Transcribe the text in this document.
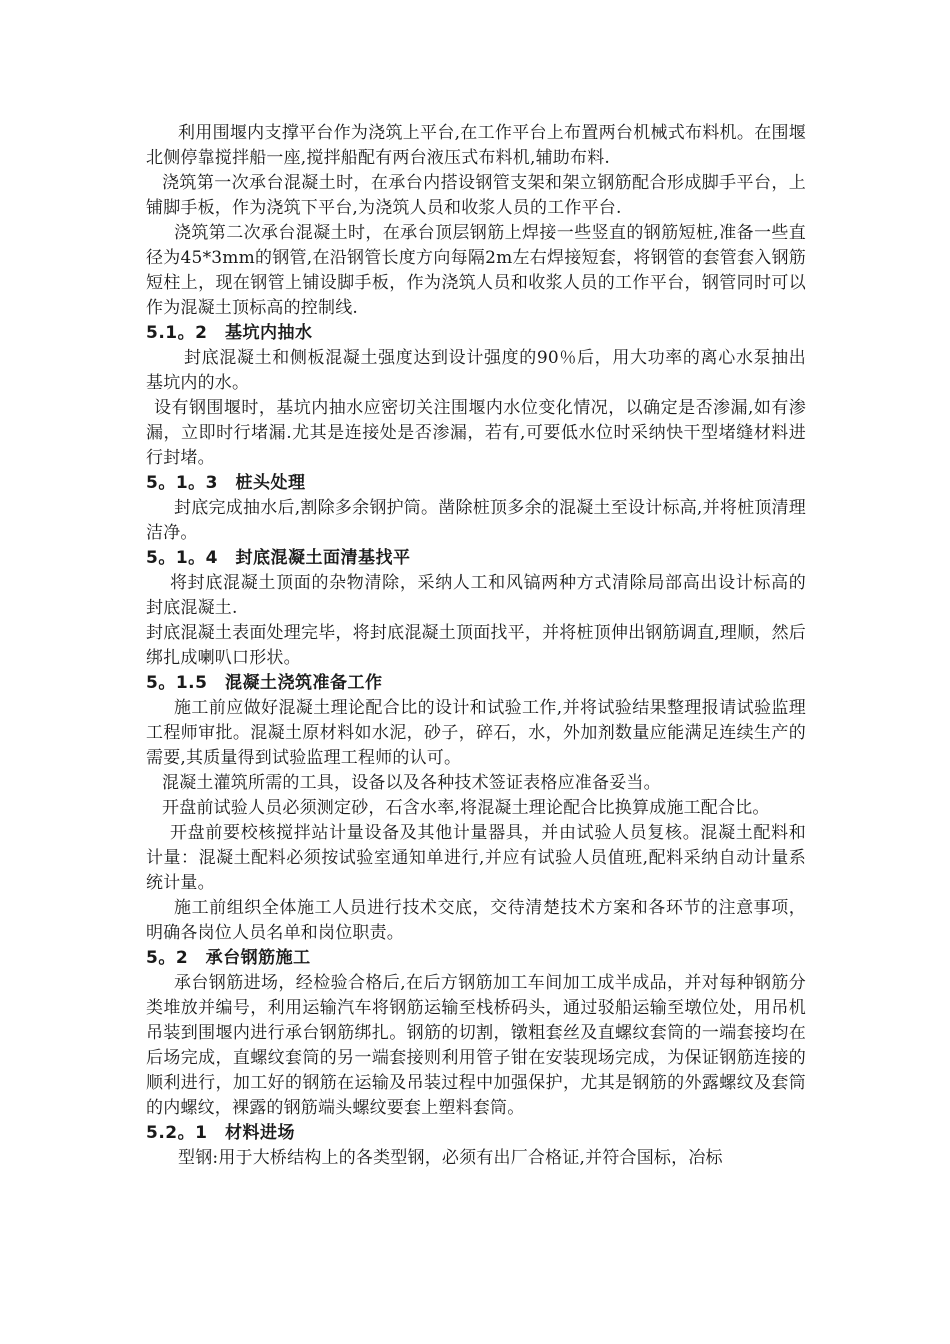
利用围堰内支撑平台作为浇筑上平台,在工作平台上布置两台机械式布料机。在围堰北侧停靠搅拌船一座,搅拌船配有两台液压式布料机,辅助布料.

浇筑第一次承台混凝土时，在承台内搭设钢管支架和架立钢筋配合形成脚手平台，上铺脚手板，作为浇筑下平台,为浇筑人员和收浆人员的工作平台.

浇筑第二次承台混凝土时，在承台顶层钢筋上焊接一些竖直的钢筋短桩,准备一些直径为45*3mm的钢管,在沿钢管长度方向每隔2m左右焊接短套，将钢管的套管套入钢筋短柱上，现在钢管上铺设脚手板，作为浇筑人员和收浆人员的工作平台，钢管同时可以作为混凝土顶标高的控制线.

5.1。2　基坑内抽水

封底混凝土和侧板混凝土强度达到设计强度的90％后，用大功率的离心水泵抽出基坑内的水。

设有钢围堰时，基坑内抽水应密切关注围堰内水位变化情况，以确定是否渗漏,如有渗漏，立即时行堵漏.尤其是连接处是否渗漏，若有,可要低水位时采纳快干型堵缝材料进行封堵。

5。1。3　桩头处理

封底完成抽水后,割除多余钢护筒。凿除桩顶多余的混凝土至设计标高,并将桩顶清理洁净。

5。1。4　封底混凝土面清基找平

将封底混凝土顶面的杂物清除，采纳人工和风镐两种方式清除局部高出设计标高的封底混凝土.

封底混凝土表面处理完毕，将封底混凝土顶面找平，并将桩顶伸出钢筋调直,理顺，然后绑扎成喇叭口形状。

5。1.5　混凝土浇筑准备工作

施工前应做好混凝土理论配合比的设计和试验工作,并将试验结果整理报请试验监理工程师审批。混凝土原材料如水泥，砂子，碎石，水，外加剂数量应能满足连续生产的需要,其质量得到试验监理工程师的认可。

混凝土灌筑所需的工具，设备以及各种技术签证表格应准备妥当。

开盘前试验人员必须测定砂，石含水率,将混凝土理论配合比换算成施工配合比。

开盘前要校核搅拌站计量设备及其他计量器具，并由试验人员复核。混凝土配料和计量：混凝土配料必须按试验室通知单进行,并应有试验人员值班,配料采纳自动计量系统计量。

施工前组织全体施工人员进行技术交底，交待清楚技术方案和各环节的注意事项，明确各岗位人员名单和岗位职责。

5。2　承台钢筋施工

承台钢筋进场，经检验合格后,在后方钢筋加工车间加工成半成品，并对每种钢筋分类堆放并编号，利用运输汽车将钢筋运输至栈桥码头，通过驳船运输至墩位处，用吊机吊装到围堰内进行承台钢筋绑扎。钢筋的切割，镦粗套丝及直螺纹套筒的一端套接均在后场完成，直螺纹套筒的另一端套接则利用管子钳在安装现场完成，为保证钢筋连接的顺利进行，加工好的钢筋在运输及吊装过程中加强保护，尤其是钢筋的外露螺纹及套筒的内螺纹，裸露的钢筋端头螺纹要套上塑料套筒。

5.2。1　材料进场

型钢:用于大桥结构上的各类型钢，必须有出厂合格证,并符合国标，冶标
